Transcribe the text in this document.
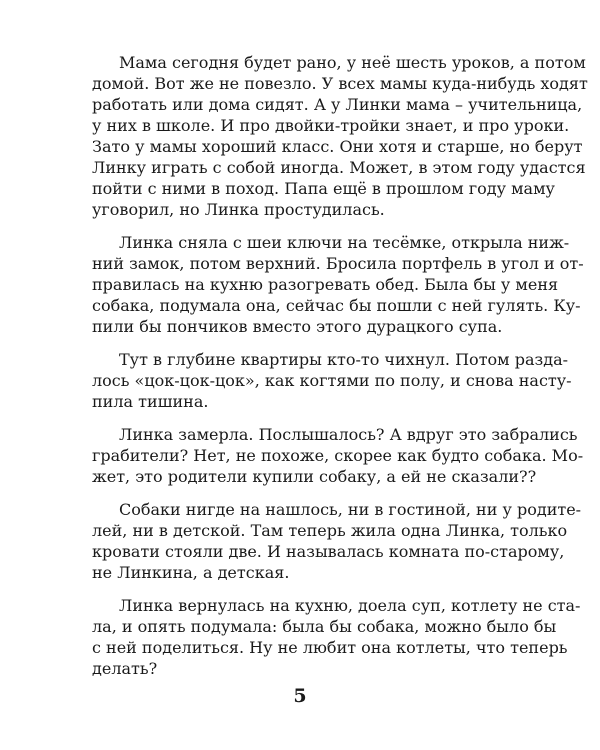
Мама сегодня будет рано, у неё шесть уроков, а потом
домой. Вот же не повезло. У всех мамы куда-нибудь ходят
работать или дома сидят. А у Линки мама – учительница,
у них в школе. И про двойки-тройки знает, и про уроки.
Зато у мамы хороший класс. Они хотя и старше, но берут
Линку играть с собой иногда. Может, в этом году удастся
пойти с ними в поход. Папа ещё в прошлом году маму
уговорил, но Линка простудилась.
Линка сняла с шеи ключи на тесёмке, открыла ниж-
ний замок, потом верхний. Бросила портфель в угол и от-
правилась на кухню разогревать обед. Была бы у меня
собака, подумала она, сейчас бы пошли с ней гулять. Ку-
пили бы пончиков вместо этого дурацкого супа.
Тут в глубине квартиры кто-то чихнул. Потом разда-
лось «цок-цок-цок», как когтями по полу, и снова насту-
пила тишина.
Линка замерла. Послышалось? А вдруг это забрались
грабители? Нет, не похоже, скорее как будто собака. Мо-
жет, это родители купили собаку, а ей не сказали??
Собаки нигде на нашлось, ни в гостиной, ни у родите-
лей, ни в детской. Там теперь жила одна Линка, только
кровати стояли две. И называлась комната по-старому,
не Линкина, а детская.
Линка вернулась на кухню, доела суп, котлету не ста-
ла, и опять подумала: была бы собака, можно было бы
с ней поделиться. Ну не любит она котлеты, что теперь
делать?
5
